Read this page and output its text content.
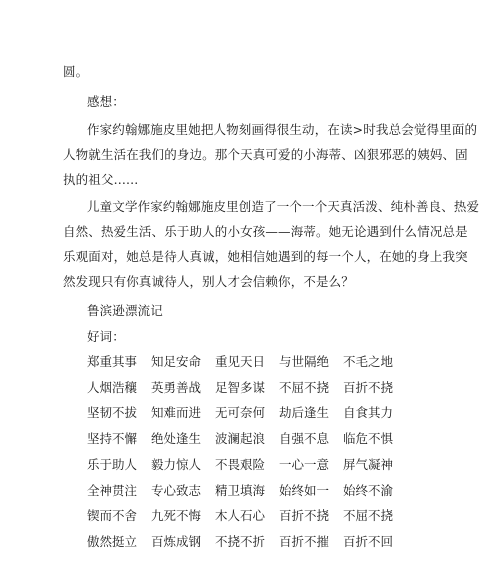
圆。
感想：
作家约翰娜施皮里她把人物刻画得很生动，在读>时我总会觉得里面的
人物就生活在我们的身边。那个天真可爱的小海蒂、凶狠邪恶的姨妈、固
执的祖父......
儿童文学作家约翰娜施皮里创造了一个一个天真活泼、纯朴善良、热爱
自然、热爱生活、乐于助人的小女孩——海蒂。她无论遇到什么情况总是
乐观面对，她总是待人真诚，她相信她遇到的每一个人，在她的身上我突
然发现只有你真诚待人，别人才会信赖你，不是么？
鲁滨逊漂流记
好词：
郑重其事 知足安命 重见天日 与世隔绝 不毛之地
人烟浩穰 英勇善战 足智多谋 不屈不挠 百折不挠
坚韧不拔 知难而进 无可奈何 劫后逢生 自食其力
坚持不懈 绝处逢生 波澜起浪 自强不息 临危不惧
乐于助人 毅力惊人 不畏艰险 一心一意 屏气凝神
全神贯注 专心致志 精卫填海 始终如一 始终不渝
锲而不舍 九死不悔 木人石心 百折不挠 不屈不挠
傲然挺立 百炼成钢 不挠不折 百折不摧 百折不回
